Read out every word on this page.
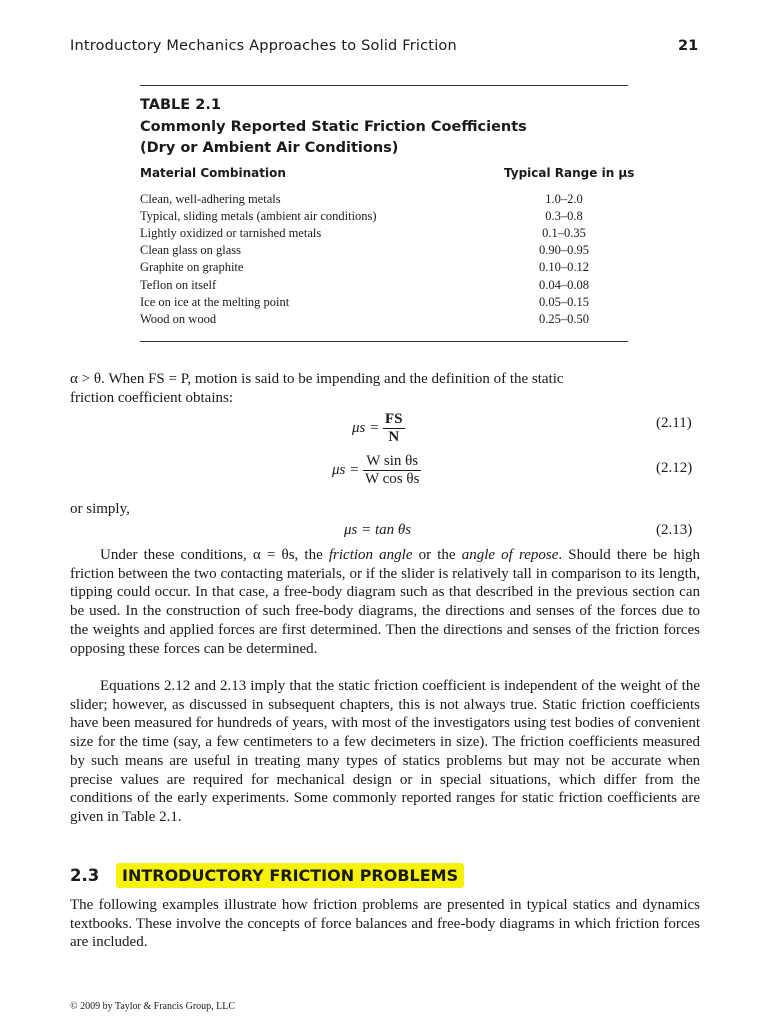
Introductory Mechanics Approaches to Solid Friction	21
TABLE 2.1
Commonly Reported Static Friction Coefficients
(Dry or Ambient Air Conditions)
Material Combination	Typical Range in μs
Clean, well-adhering metals	1.0–2.0
Typical, sliding metals (ambient air conditions)	0.3–0.8
Lightly oxidized or tarnished metals	0.1–0.35
Clean glass on glass	0.90–0.95
Graphite on graphite	0.10–0.12
Teflon on itself	0.04–0.08
Ice on ice at the melting point	0.05–0.15
Wood on wood	0.25–0.50
α > θ. When FS = P, motion is said to be impending and the definition of the static
friction coefficient obtains:
$\mu s = \frac{FS}{N}$	(2.11)
$\mu s = \frac{\text{W sin θs}}{\text{W cos θs}}$	(2.12)
or simply,
μs = tan θs	(2.13)
Under these conditions, α = θs, the friction angle or the angle of repose. Should there be high friction between the two contacting materials, or if the slider is relatively tall in comparison to its length, tipping could occur. In that case, a free-body diagram such as that described in the previous section can be used. In the construction of such free-body diagrams, the directions and senses of the forces due to the weights and applied forces are first determined. Then the directions and senses of the friction forces opposing these forces can be determined.
Equations 2.12 and 2.13 imply that the static friction coefficient is independent of the weight of the slider; however, as discussed in subsequent chapters, this is not always true. Static friction coefficients have been measured for hundreds of years, with most of the investigators using test bodies of convenient size for the time (say, a few centimeters to a few decimeters in size). The friction coefficients measured by such means are useful in treating many types of statics problems but may not be accurate when precise values are required for mechanical design or in special situations, which differ from the conditions of the early experiments. Some commonly reported ranges for static friction coefficients are given in Table 2.1.
2.3	INTRODUCTORY FRICTION PROBLEMS
The following examples illustrate how friction problems are presented in typical statics and dynamics textbooks. These involve the concepts of force balances and free-body diagrams in which friction forces are included.
© 2009 by Taylor & Francis Group, LLC
